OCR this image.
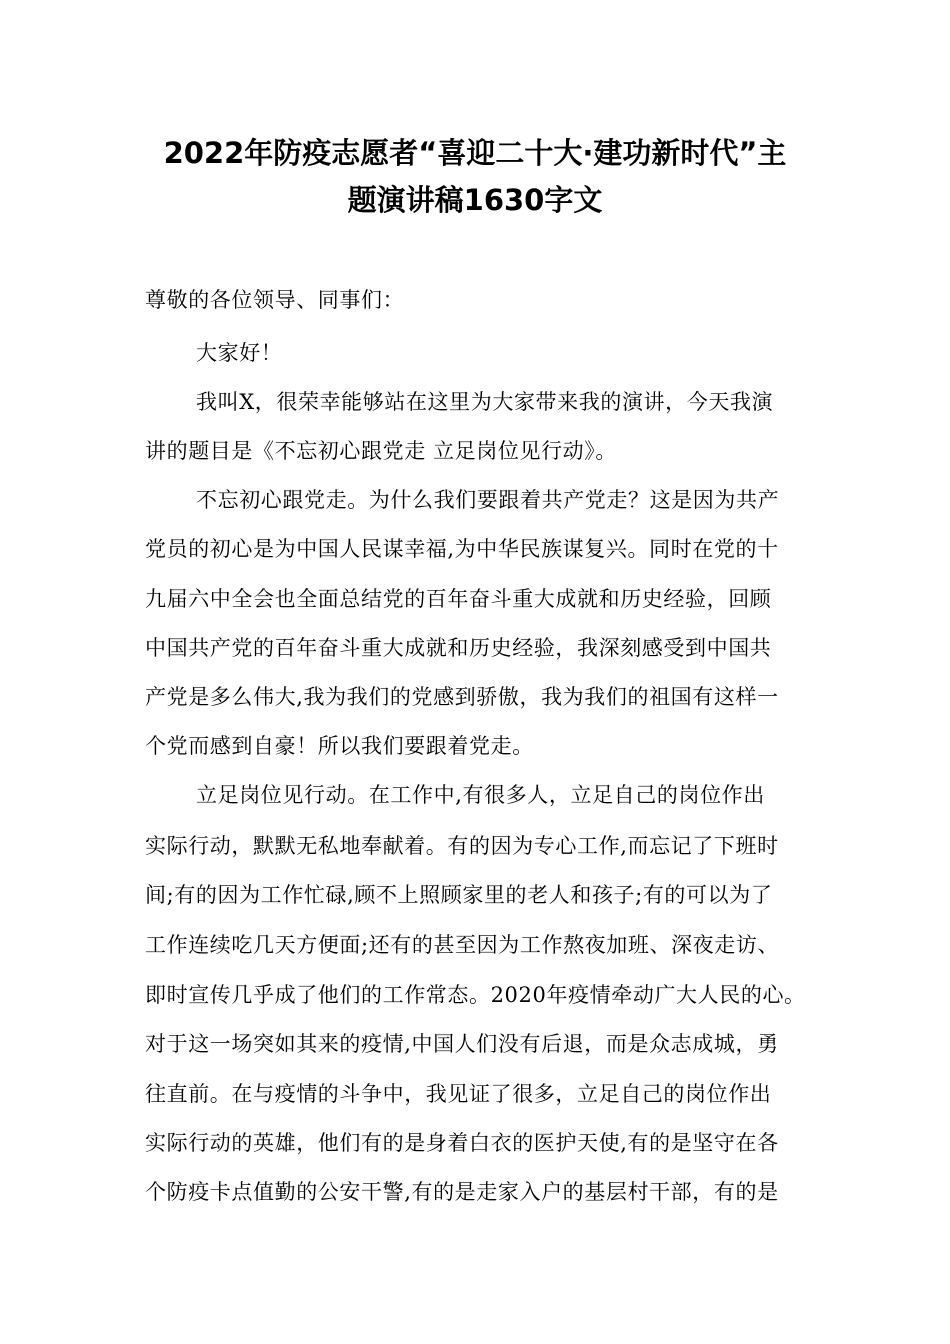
2022年防疫志愿者“喜迎二十大·建功新时代”主
题演讲稿1630字文
尊敬的各位领导、同事们：
大家好！
我叫X，很荣幸能够站在这里为大家带来我的演讲，今天我演
讲的题目是《不忘初心跟党走 立足岗位见行动》。
不忘初心跟党走。为什么我们要跟着共产党走？这是因为共产
党员的初心是为中国人民谋幸福,为中华民族谋复兴。同时在党的十
九届六中全会也全面总结党的百年奋斗重大成就和历史经验，回顾
中国共产党的百年奋斗重大成就和历史经验，我深刻感受到中国共
产党是多么伟大,我为我们的党感到骄傲，我为我们的祖国有这样一
个党而感到自豪！所以我们要跟着党走。
立足岗位见行动。在工作中,有很多人，立足自己的岗位作出
实际行动，默默无私地奉献着。有的因为专心工作,而忘记了下班时
间;有的因为工作忙碌,顾不上照顾家里的老人和孩子;有的可以为了
工作连续吃几天方便面;还有的甚至因为工作熬夜加班、深夜走访、
即时宣传几乎成了他们的工作常态。2020年疫情牵动广大人民的心。
对于这一场突如其来的疫情,中国人们没有后退，而是众志成城，勇
往直前。在与疫情的斗争中，我见证了很多，立足自己的岗位作出
实际行动的英雄，他们有的是身着白衣的医护天使,有的是坚守在各
个防疫卡点值勤的公安干警,有的是走家入户的基层村干部，有的是
